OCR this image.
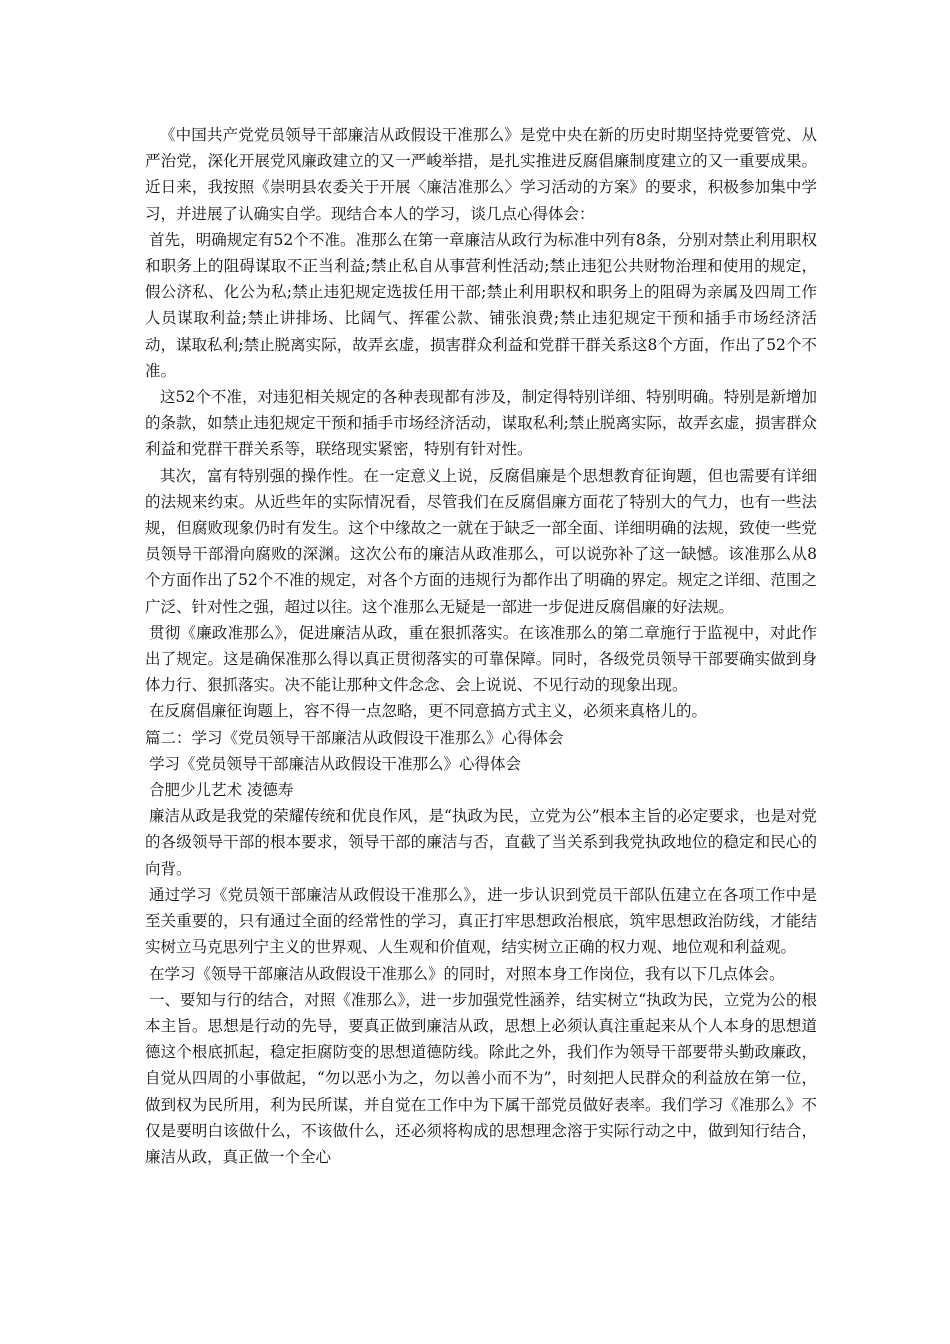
《中国共产党党员领导干部廉洁从政假设干准那么》是党中央在新的历史时期坚持党要管党、从严治党，深化开展党风廉政建立的又一严峻举措，是扎实推进反腐倡廉制度建立的又一重要成果。近日来，我按照《崇明县农委关于开展〈廉洁准那么〉学习活动的方案》的要求，积极参加集中学习，并进展了认确实自学。现结合本人的学习，谈几点心得体会：

首先，明确规定有52个不准。准那么在第一章廉洁从政行为标准中列有8条，分别对禁止利用职权和职务上的阻碍谋取不正当利益;禁止私自从事营利性活动;禁止违犯公共财物治理和使用的规定，假公济私、化公为私;禁止违犯规定选拔任用干部;禁止利用职权和职务上的阻碍为亲属及四周工作人员谋取利益;禁止讲排场、比阔气、挥霍公款、铺张浪费;禁止违犯规定干预和插手市场经济活动，谋取私利;禁止脱离实际，故弄玄虚，损害群众利益和党群干群关系这8个方面，作出了52个不准。

这52个不准，对违犯相关规定的各种表现都有涉及，制定得特别详细、特别明确。特别是新增加的条款，如禁止违犯规定干预和插手市场经济活动，谋取私利;禁止脱离实际，故弄玄虚，损害群众利益和党群干群关系等，联络现实紧密，特别有针对性。

其次，富有特别强的操作性。在一定意义上说，反腐倡廉是个思想教育征询题，但也需要有详细的法规来约束。从近些年的实际情况看，尽管我们在反腐倡廉方面花了特别大的气力，也有一些法规，但腐败现象仍时有发生。这个中缘故之一就在于缺乏一部全面、详细明确的法规，致使一些党员领导干部滑向腐败的深渊。这次公布的廉洁从政准那么，可以说弥补了这一缺憾。该准那么从8个方面作出了52个不准的规定，对各个方面的违规行为都作出了明确的界定。规定之详细、范围之广泛、针对性之强，超过以往。这个准那么无疑是一部进一步促进反腐倡廉的好法规。

贯彻《廉政准那么》，促进廉洁从政，重在狠抓落实。在该准那么的第二章施行于监视中，对此作出了规定。这是确保准那么得以真正贯彻落实的可靠保障。同时，各级党员领导干部要确实做到身体力行、狠抓落实。决不能让那种文件念念、会上说说、不见行动的现象出现。

在反腐倡廉征询题上，容不得一点忽略，更不同意搞方式主义，必须来真格儿的。

篇二：学习《党员领导干部廉洁从政假设干准那么》心得体会

学习《党员领导干部廉洁从政假设干准那么》心得体会

合肥少儿艺术 凌德寿

廉洁从政是我党的荣耀传统和优良作风，是“执政为民，立党为公”根本主旨的必定要求，也是对党的各级领导干部的根本要求，领导干部的廉洁与否，直截了当关系到我党执政地位的稳定和民心的向背。

通过学习《党员领干部廉洁从政假设干准那么》，进一步认识到党员干部队伍建立在各项工作中是至关重要的，只有通过全面的经常性的学习，真正打牢思想政治根底，筑牢思想政治防线，才能结实树立马克思列宁主义的世界观、人生观和价值观，结实树立正确的权力观、地位观和利益观。

在学习《领导干部廉洁从政假设干准那么》的同时，对照本身工作岗位，我有以下几点体会。

一、要知与行的结合，对照《准那么》，进一步加强党性涵养，结实树立“执政为民，立党为公的根本主旨。思想是行动的先导，要真正做到廉洁从政，思想上必须认真注重起来从个人本身的思想道德这个根底抓起，稳定拒腐防变的思想道德防线。除此之外，我们作为领导干部要带头勤政廉政，自觉从四周的小事做起，“勿以恶小为之，勿以善小而不为”，时刻把人民群众的利益放在第一位，做到权为民所用，利为民所谋，并自觉在工作中为下属干部党员做好表率。我们学习《准那么》不仅是要明白该做什么，不该做什么，还必须将构成的思想理念溶于实际行动之中，做到知行结合，廉洁从政，真正做一个全心
